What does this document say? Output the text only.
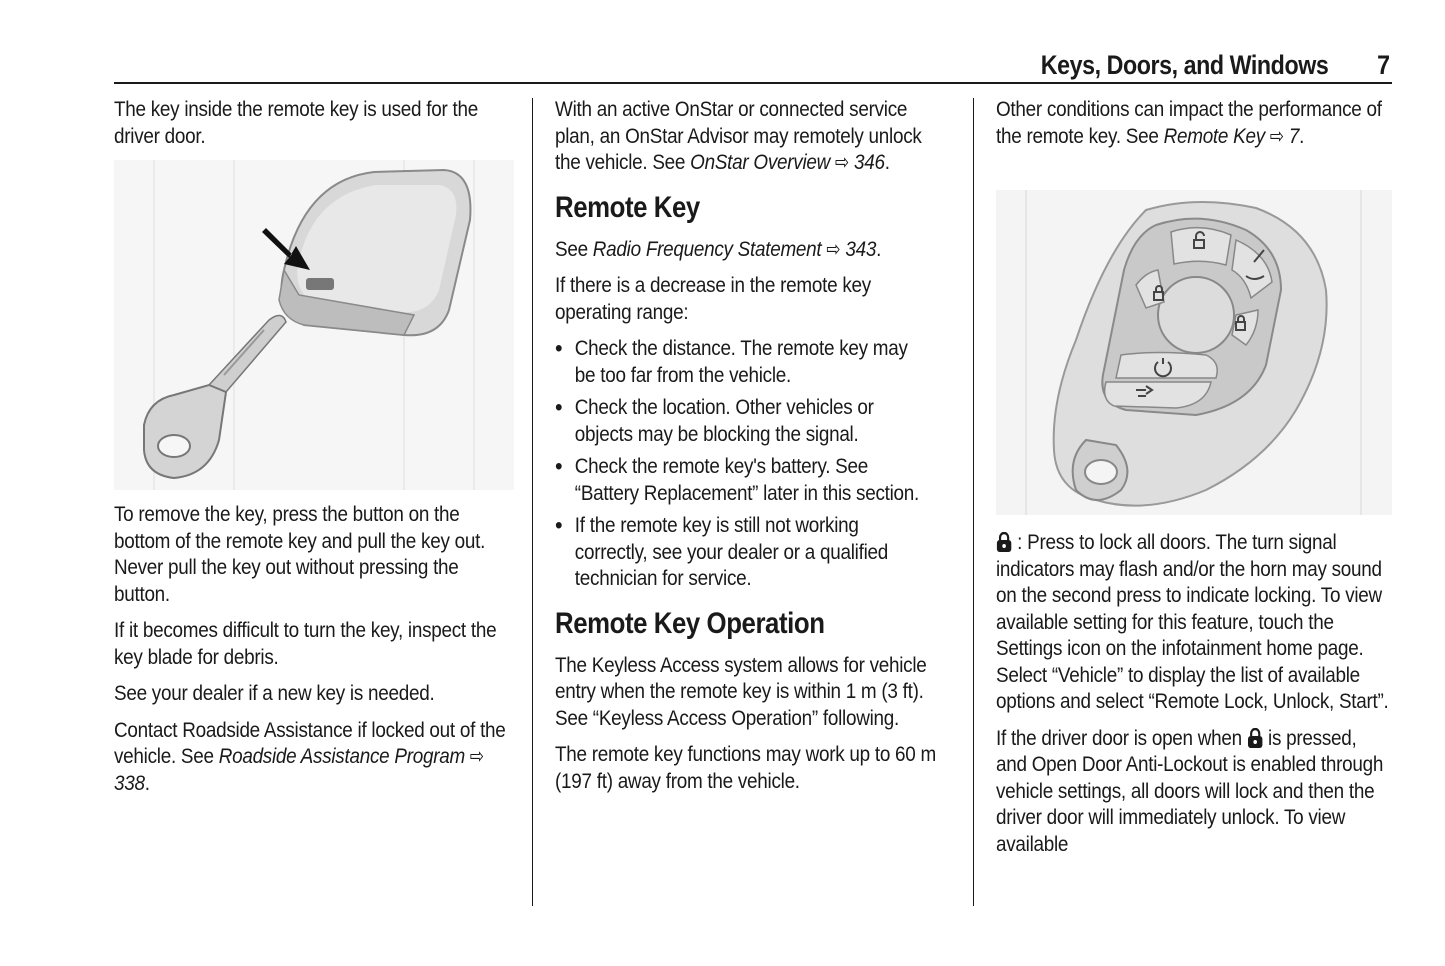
Keys, Doors, and Windows 7

The key inside the remote key is used for the driver door.

To remove the key, press the button on the bottom of the remote key and pull the key out. Never pull the key out without pressing the button.

If it becomes difficult to turn the key, inspect the key blade for debris.

See your dealer if a new key is needed.

Contact Roadside Assistance if locked out of the vehicle. See Roadside Assistance Program ⇨ 338.

With an active OnStar or connected service plan, an OnStar Advisor may remotely unlock the vehicle. See OnStar Overview ⇨ 346.

Remote Key

See Radio Frequency Statement ⇨ 343.

If there is a decrease in the remote key operating range:

• Check the distance. The remote key may be too far from the vehicle.
• Check the location. Other vehicles or objects may be blocking the signal.
• Check the remote key's battery. See “Battery Replacement” later in this section.
• If the remote key is still not working correctly, see your dealer or a qualified technician for service.
Remote Key Operation

The Keyless Access system allows for vehicle entry when the remote key is within 1 m (3 ft). See “Keyless Access Operation” following.

The remote key functions may work up to 60 m (197 ft) away from the vehicle.

Other conditions can impact the performance of the remote key. See Remote Key ⇨ 7.

: Press to lock all doors. The turn signal indicators may flash and/or the horn may sound on the second press to indicate locking. To view available setting for this feature, touch the Settings icon on the infotainment home page. Select “Vehicle” to display the list of available options and select “Remote Lock, Unlock, Start”.

If the driver door is open when  is pressed, and Open Door Anti-Lockout is enabled through vehicle settings, all doors will lock and then the driver door will immediately unlock. To view available
